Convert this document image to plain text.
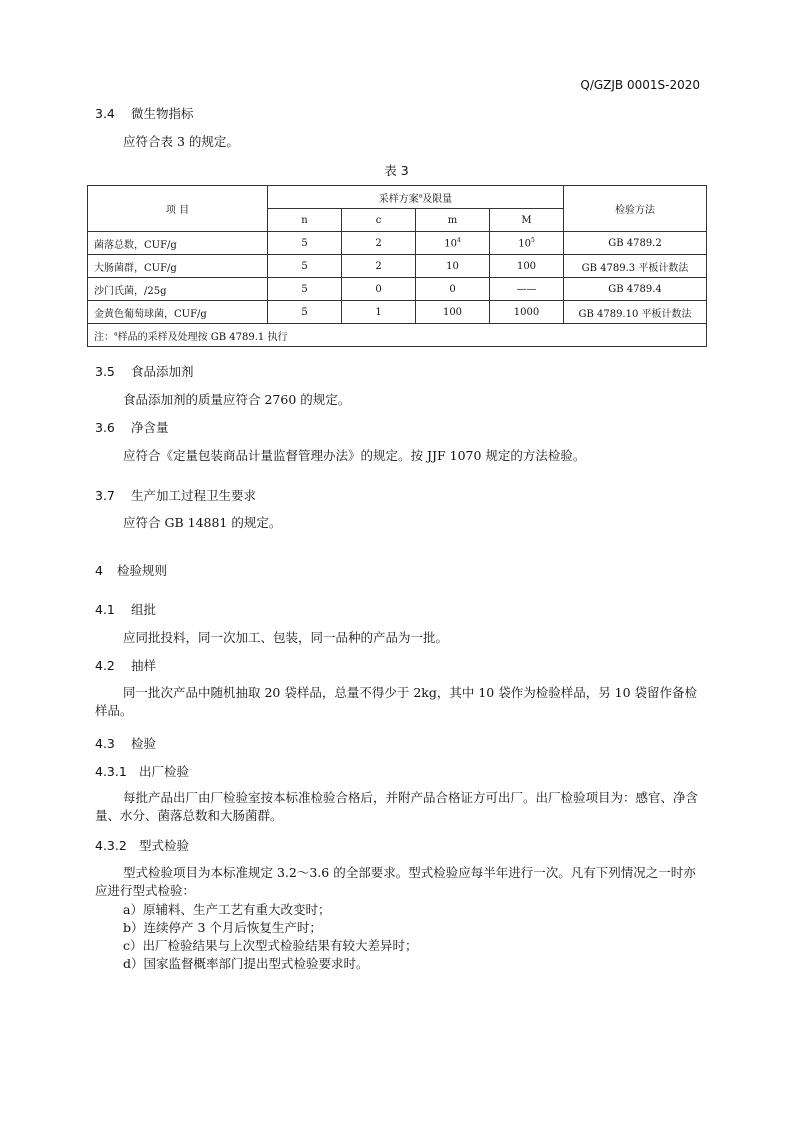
Q/GZJB 0001S-2020
3.4 微生物指标
应符合表 3 的规定。
表 3
项 目	采样方案$^a$及限量				检验方法
	n	c	m	M	
菌落总数，CUF/g	5	2	$10^4$	$10^5$	GB 4789.2
大肠菌群，CUF/g	5	2	10	100	GB 4789.3 平板计数法
沙门氏菌，/25g	5	0	0	——	GB 4789.4
金黄色葡萄球菌，CUF/g	5	1	100	1000	GB 4789.10 平板计数法
注：$^a$样品的采样及处理按 GB 4789.1 执行					
3.5 食品添加剂
食品添加剂的质量应符合 2760 的规定。
3.6 净含量
应符合《定量包装商品计量监督管理办法》的规定。按 JJF 1070 规定的方法检验。
3.7 生产加工过程卫生要求
应符合 GB 14881 的规定。
4 检验规则
4.1 组批
应同批投料，同一次加工、包装，同一品种的产品为一批。
4.2 抽样
同一批次产品中随机抽取 20 袋样品，总量不得少于 2kg，其中 10 袋作为检验样品，另 10 袋留作备检样品。
4.3 检验
4.3.1 出厂检验
每批产品出厂由厂检验室按本标准检验合格后，并附产品合格证方可出厂。出厂检验项目为：感官、净含量、水分、菌落总数和大肠菌群。
4.3.2 型式检验
型式检验项目为本标准规定 3.2～3.6 的全部要求。型式检验应每半年进行一次。凡有下列情况之一时亦应进行型式检验：
a）原辅料、生产工艺有重大改变时；
b）连续停产 3 个月后恢复生产时；
c）出厂检验结果与上次型式检验结果有较大差异时；
d）国家监督概率部门提出型式检验要求时。
